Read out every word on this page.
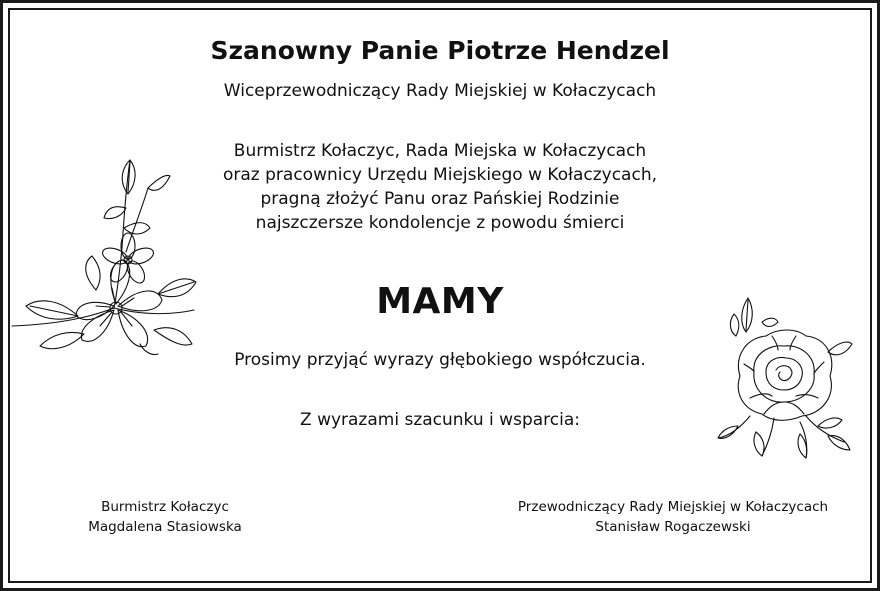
Szanowny Panie Piotrze Hendzel
Wiceprzewodniczący Rady Miejskiej w Kołaczycach
Burmistrz Kołaczyc, Rada Miejska w Kołaczycach
oraz pracownicy Urzędu Miejskiego w Kołaczycach,
pragną złożyć Panu oraz Pańskiej Rodzinie
najszczersze kondolencje z powodu śmierci
MAMY
Prosimy przyjąć wyrazy głębokiego współczucia.
Z wyrazami szacunku i wsparcia:
Burmistrz Kołaczyc
Magdalena Stasiowska
Przewodniczący Rady Miejskiej w Kołaczycach
Stanisław Rogaczewski
